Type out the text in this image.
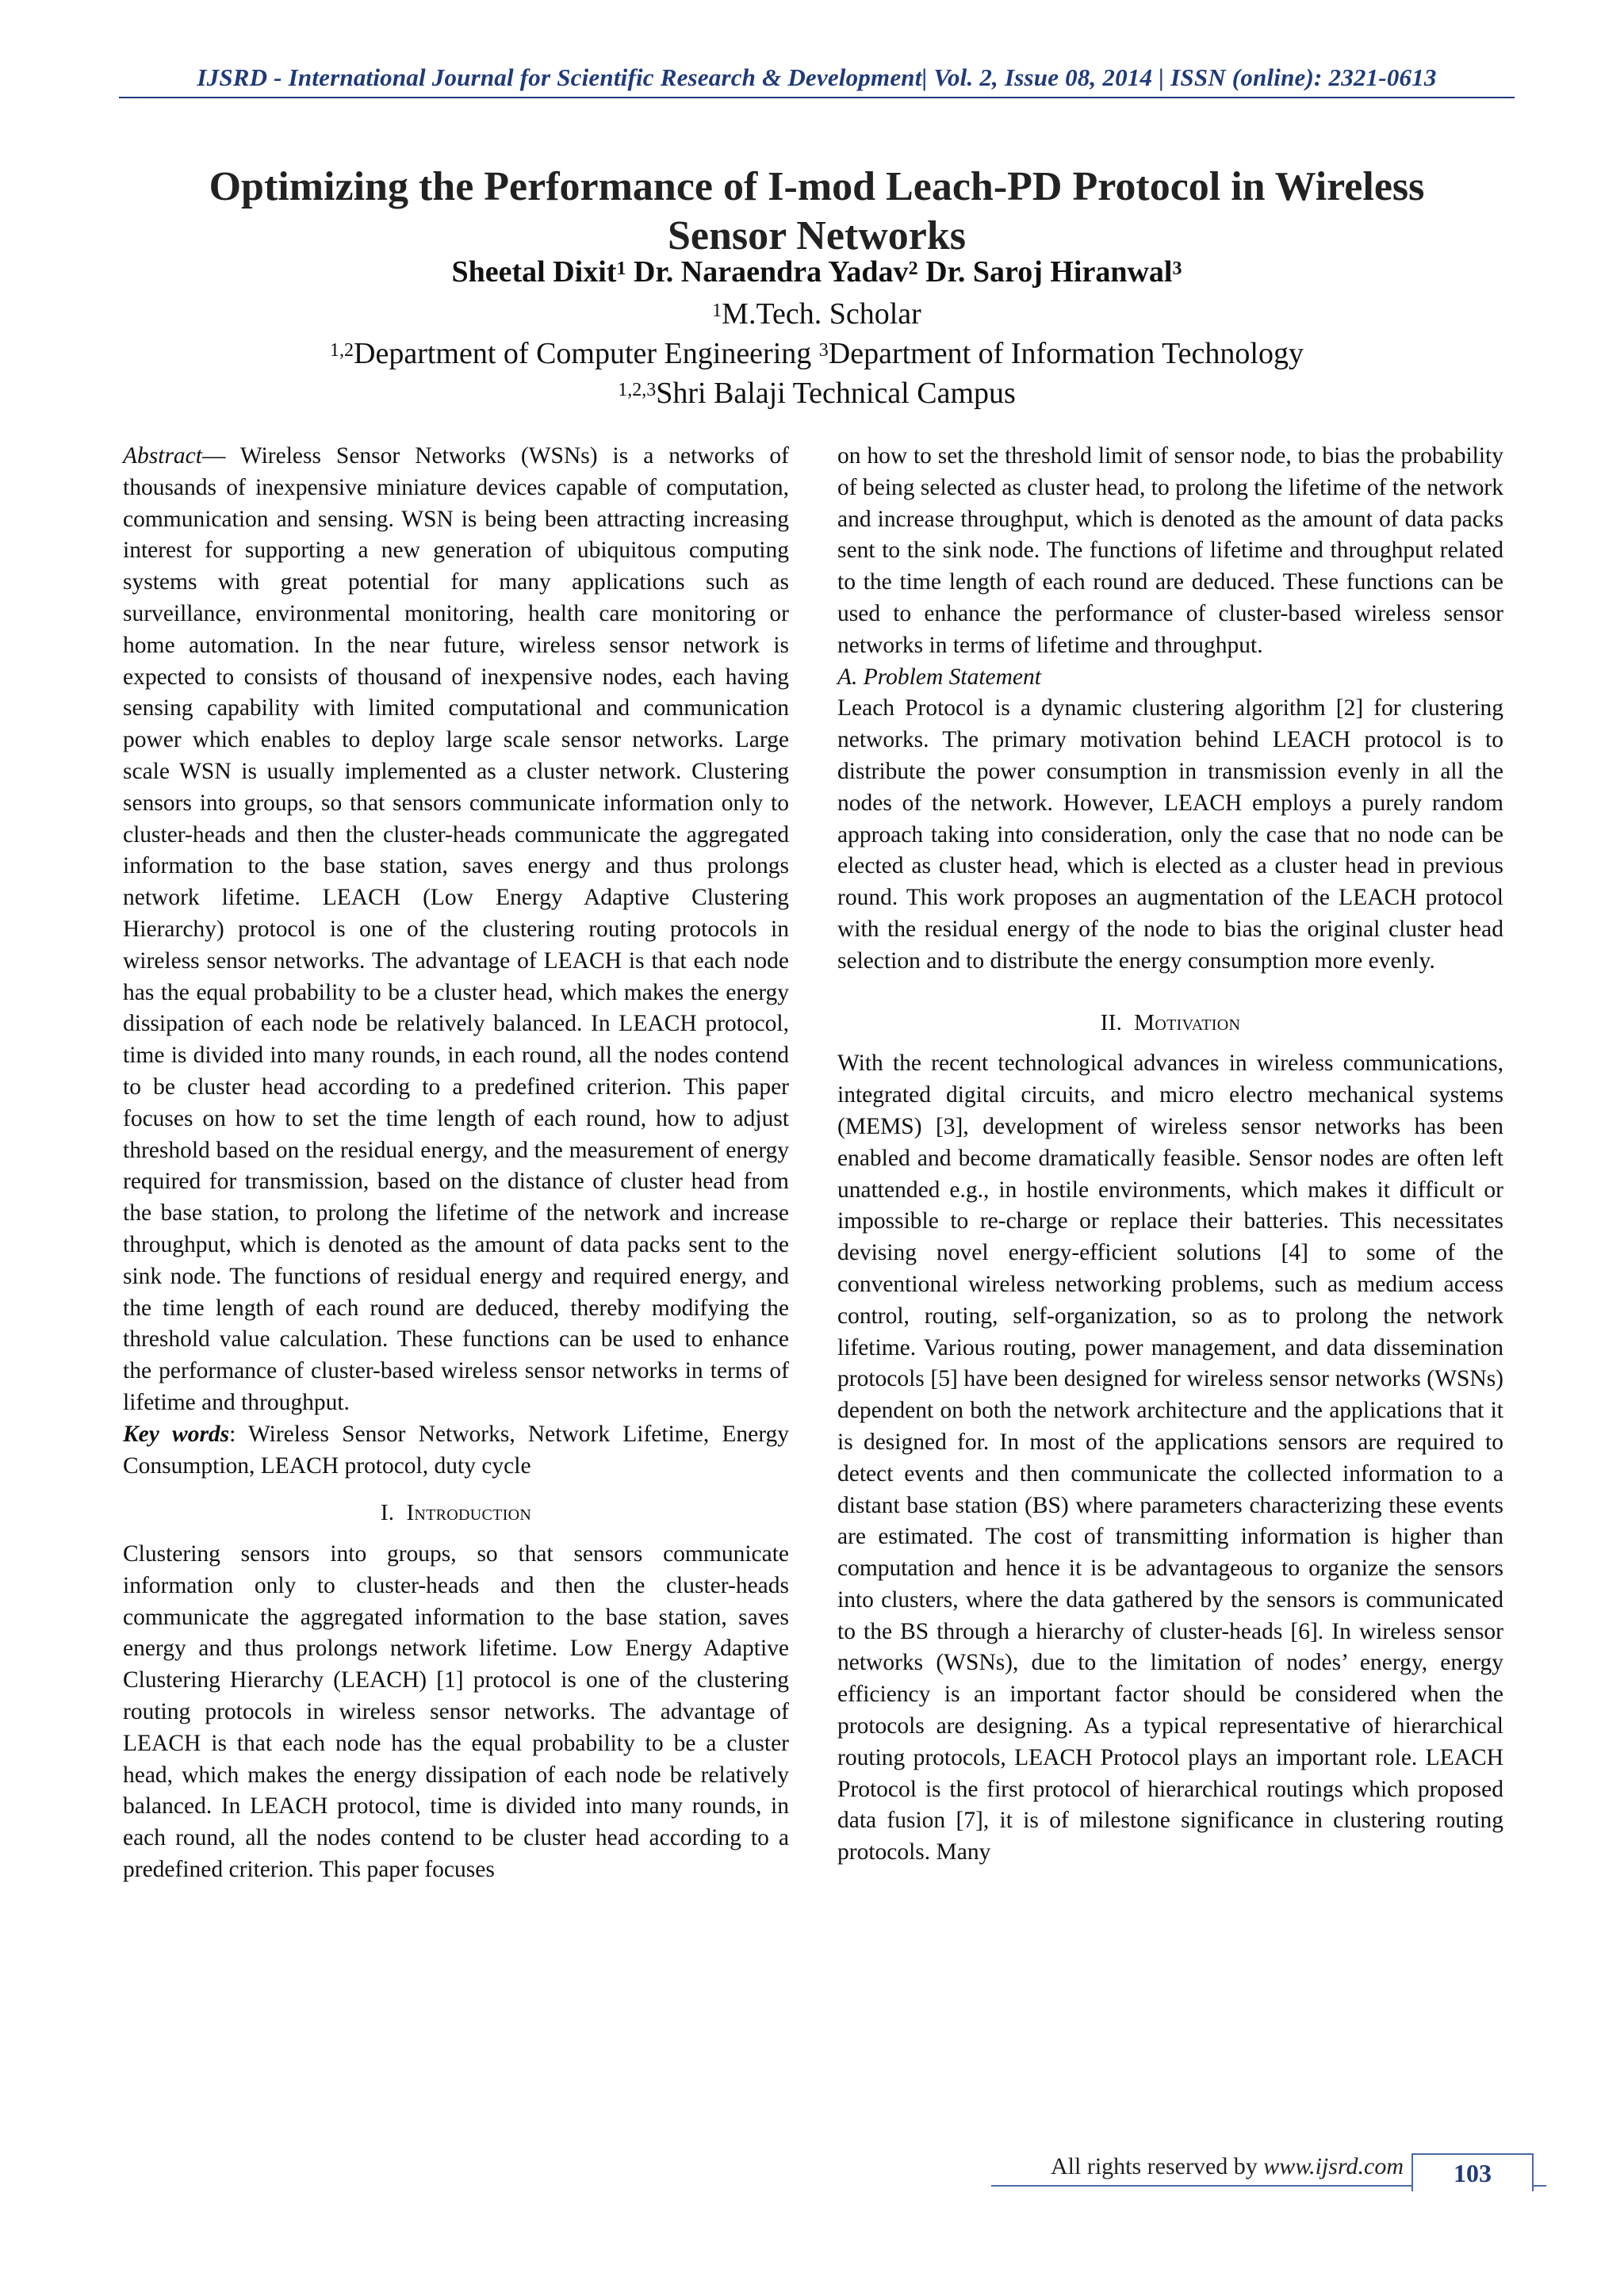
IJSRD - International Journal for Scientific Research & Development| Vol. 2, Issue 08, 2014 | ISSN (online): 2321-0613
Optimizing the Performance of I-mod Leach-PD Protocol in Wireless
Sensor Networks
Sheetal Dixit$^1$ Dr. Naraendra Yadav$^2$ Dr. Saroj Hiranwal$^3$
$^1$M.Tech. Scholar
$^{1,2}$Department of Computer Engineering $^3$Department of Information Technology
$^{1,2,3}$Shri Balaji Technical Campus

Abstract— Wireless Sensor Networks (WSNs) is a networks of thousands of inexpensive miniature devices capable of computation, communication and sensing. WSN is being been attracting increasing interest for supporting a new generation of ubiquitous computing systems with great potential for many applications such as surveillance, environmental monitoring, health care monitoring or home automation. In the near future, wireless sensor network is expected to consists of thousand of inexpensive nodes, each having sensing capability with limited computational and communication power which enables to deploy large scale sensor networks. Large scale WSN is usually implemented as a cluster network. Clustering sensors into groups, so that sensors communicate information only to cluster-heads and then the cluster-heads communicate the aggregated information to the base station, saves energy and thus prolongs network lifetime. LEACH (Low Energy Adaptive Clustering Hierarchy) protocol is one of the clustering routing protocols in wireless sensor networks. The advantage of LEACH is that each node has the equal probability to be a cluster head, which makes the energy dissipation of each node be relatively balanced. In LEACH protocol, time is divided into many rounds, in each round, all the nodes contend to be cluster head according to a predefined criterion. This paper focuses on how to set the time length of each round, how to adjust threshold based on the residual energy, and the measurement of energy required for transmission, based on the distance of cluster head from the base station, to prolong the lifetime of the network and increase throughput, which is denoted as the amount of data packs sent to the sink node. The functions of residual energy and required energy, and the time length of each round are deduced, thereby modifying the threshold value calculation. These functions can be used to enhance the performance of cluster-based wireless sensor networks in terms of lifetime and throughput.

Key words: Wireless Sensor Networks, Network Lifetime, Energy Consumption, LEACH protocol, duty cycle

I. Introduction

Clustering sensors into groups, so that sensors communicate information only to cluster-heads and then the cluster-heads communicate the aggregated information to the base station, saves energy and thus prolongs network lifetime. Low Energy Adaptive Clustering Hierarchy (LEACH) [1] protocol is one of the clustering routing protocols in wireless sensor networks. The advantage of LEACH is that each node has the equal probability to be a cluster head, which makes the energy dissipation of each node be relatively balanced. In LEACH protocol, time is divided into many rounds, in each round, all the nodes contend to be cluster head according to a predefined criterion. This paper focuses

on how to set the threshold limit of sensor node, to bias the probability of being selected as cluster head, to prolong the lifetime of the network and increase throughput, which is denoted as the amount of data packs sent to the sink node. The functions of lifetime and throughput related to the time length of each round are deduced. These functions can be used to enhance the performance of cluster-based wireless sensor networks in terms of lifetime and throughput.

A. Problem Statement

Leach Protocol is a dynamic clustering algorithm [2] for clustering networks. The primary motivation behind LEACH protocol is to distribute the power consumption in transmission evenly in all the nodes of the network. However, LEACH employs a purely random approach taking into consideration, only the case that no node can be elected as cluster head, which is elected as a cluster head in previous round. This work proposes an augmentation of the LEACH protocol with the residual energy of the node to bias the original cluster head selection and to distribute the energy consumption more evenly.

II. Motivation

With the recent technological advances in wireless communications, integrated digital circuits, and micro electro mechanical systems (MEMS) [3], development of wireless sensor networks has been enabled and become dramatically feasible. Sensor nodes are often left unattended e.g., in hostile environments, which makes it difficult or impossible to re-charge or replace their batteries. This necessitates devising novel energy-efficient solutions [4] to some of the conventional wireless networking problems, such as medium access control, routing, self-organization, so as to prolong the network lifetime. Various routing, power management, and data dissemination protocols [5] have been designed for wireless sensor networks (WSNs) dependent on both the network architecture and the applications that it is designed for. In most of the applications sensors are required to detect events and then communicate the collected information to a distant base station (BS) where parameters characterizing these events are estimated. The cost of transmitting information is higher than computation and hence it is be advantageous to organize the sensors into clusters, where the data gathered by the sensors is communicated to the BS through a hierarchy of cluster-heads [6]. In wireless sensor networks (WSNs), due to the limitation of nodes’ energy, energy efficiency is an important factor should be considered when the protocols are designing. As a typical representative of hierarchical routing protocols, LEACH Protocol plays an important role. LEACH Protocol is the first protocol of hierarchical routings which proposed data fusion [7], it is of milestone significance in clustering routing protocols. Many

All rights reserved by www.ijsrd.com	103
